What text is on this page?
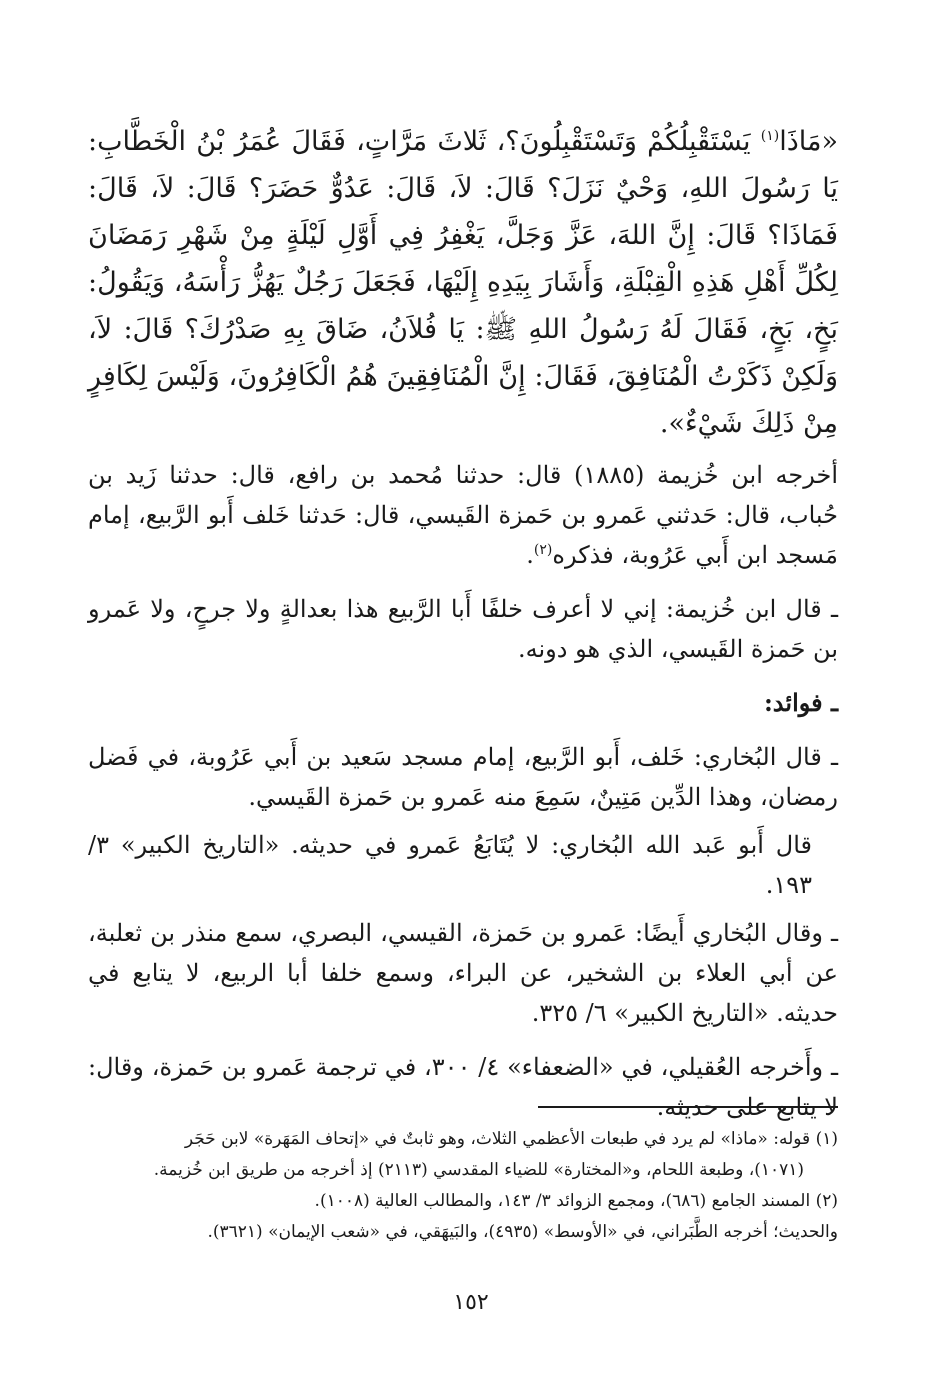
«مَاذَا$^{(١)}$ يَسْتَقْبِلُكُمْ وَتَسْتَقْبِلُونَ؟، ثَلاثَ مَرَّاتٍ، فَقَالَ عُمَرُ بْنُ الْخَطَّابِ: يَا رَسُولَ اللهِ، وَحْيٌ نَزَلَ؟ قَالَ: لاَ، قَالَ: عَدُوٌّ حَضَرَ؟ قَالَ: لاَ، قَالَ: فَمَاذَا؟ قَالَ: إِنَّ اللهَ، عَزَّ وَجَلَّ، يَغْفِرُ فِي أَوَّلِ لَيْلَةٍ مِنْ شَهْرِ رَمَضَانَ لِكُلِّ أَهْلِ هَذِهِ الْقِبْلَةِ، وَأَشَارَ بِيَدِهِ إِلَيْهَا، فَجَعَلَ رَجُلٌ يَهُزُّ رَأْسَهُ، وَيَقُولُ: بَخٍ، بَخٍ، فَقَالَ لَهُ رَسُولُ اللهِ ﷺ: يَا فُلاَنُ، ضَاقَ بِهِ صَدْرُكَ؟ قَالَ: لاَ، وَلَكِنْ ذَكَرْتُ الْمُنَافِقَ، فَقَالَ: إِنَّ الْمُنَافِقِينَ هُمُ الْكَافِرُونَ، وَلَيْسَ لِكَافِرٍ مِنْ ذَلِكَ شَيْءٌ».

أخرجه ابن خُزيمة (١٨٨٥) قال: حدثنا مُحمد بن رافع، قال: حدثنا زَيد بن حُباب، قال: حَدثني عَمرو بن حَمزة القَيسي، قال: حَدثنا خَلف أَبو الرَّبيع، إمام مَسجد ابن أَبي عَرُوبة، فذكره$^{(٢)}$.

ـ قال ابن خُزيمة: إني لا أعرف خلفًا أَبا الرَّبيع هذا بعدالةٍ ولا جرحٍ، ولا عَمرو بن حَمزة القَيسي، الذي هو دونه.

ـ فوائد:

ـ قال البُخاري: خَلف، أَبو الرَّبيع، إمام مسجد سَعيد بن أَبي عَرُوبة، في فَضل رمضان، وهذا الدِّين مَتِينٌ، سَمِعَ منه عَمرو بن حَمزة القَيسي.

قال أَبو عَبد الله البُخاري: لا يُتَابَعُ عَمرو في حديثه. «التاريخ الكبير» ٣/ ١٩٣.

ـ وقال البُخاري أَيضًا: عَمرو بن حَمزة، القيسي، البصري، سمع منذر بن ثعلبة، عن أبي العلاء بن الشخير، عن البراء، وسمع خلفا أبا الربيع، لا يتابع في حديثه. «التاريخ الكبير» ٦/ ٣٢٥.

ـ وأَخرجه العُقيلي، في «الضعفاء» ٤/ ٣٠٠، في ترجمة عَمرو بن حَمزة، وقال: لا يتابع على حديثه.

(١) قوله: «ماذا» لم يرد في طبعات الأعظمي الثلاث، وهو ثابتٌ في «إتحاف المَهَرة» لابن حَجَر
(١٠٧١)، وطبعة اللحام، و«المختارة» للضياء المقدسي (٢١١٣) إذ أخرجه من طريق ابن خُزيمة.

(٢) المسند الجامع (٦٨٦)، ومجمع الزوائد ٣/ ١٤٣، والمطالب العالية (١٠٠٨).

والحديث؛ أخرجه الطَّبَراني، في «الأوسط» (٤٩٣٥)، والبَيهَقي، في «شعب الإيمان» (٣٦٢١).

١٥٢
